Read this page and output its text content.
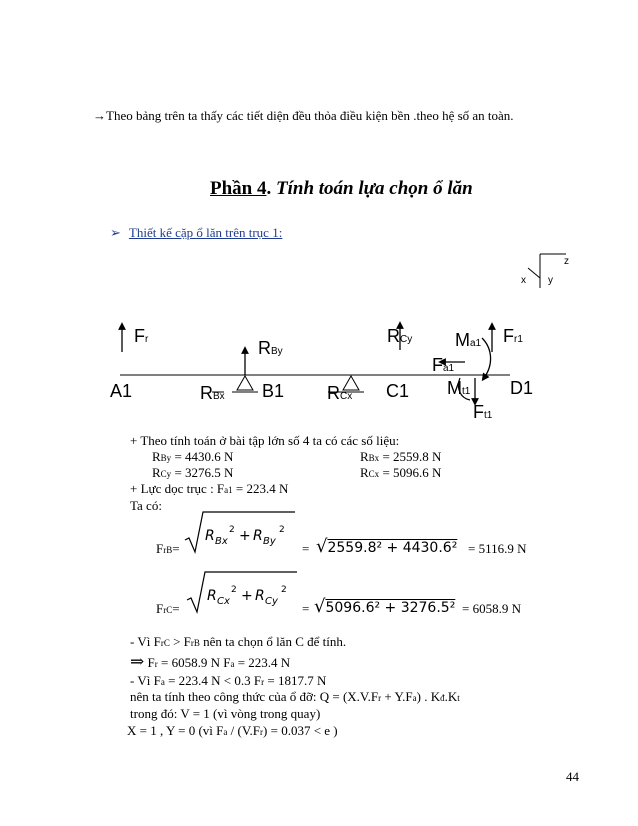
→Theo bảng trên ta thấy các tiết diện đều thỏa điều kiện bền .theo hệ số an toàn.
Phần 4. Tính toán lựa chọn ổ lăn
➢ Thiết kế cặp ổ lăn trên trục 1:
z
x y
A1	B1	C1	D1
Fr	RBy
RBx
RCy
RCx
Ma1 Fr1
Fa1
Mt1
Ft1
+ Theo tính toán ở bài tập lớn số 4 ta có các số liệu:
RBy = 4430.6 N	RBx = 2559.8 N
RCy = 3276.5 N	RCx = 5096.6 N
+ Lực dọc trục : Fa1 = 223.4 N
Ta có:
FrB=
R Bx
2 + R By
2
= √2559.8² + 4430.6² = 5116.9 N
FrC=
R Cx
2 + R Cy
2
= √5096.6² + 3276.5² = 6058.9 N
- Vì FrC > FrB nên ta chọn ổ lăn C để tính.
⇒ Fr = 6058.9 N Fa = 223.4 N
- Vì Fa = 223.4 N < 0.3 Fr = 1817.7 N
nên ta tính theo công thức của ổ đỡ: Q = (X.V.Fr + Y.Fa) . Kđ.Kt
trong đó: V = 1 (vì vòng trong quay)
X = 1 , Y = 0 (vì Fa / (V.Fr) = 0.037 < e )
44
